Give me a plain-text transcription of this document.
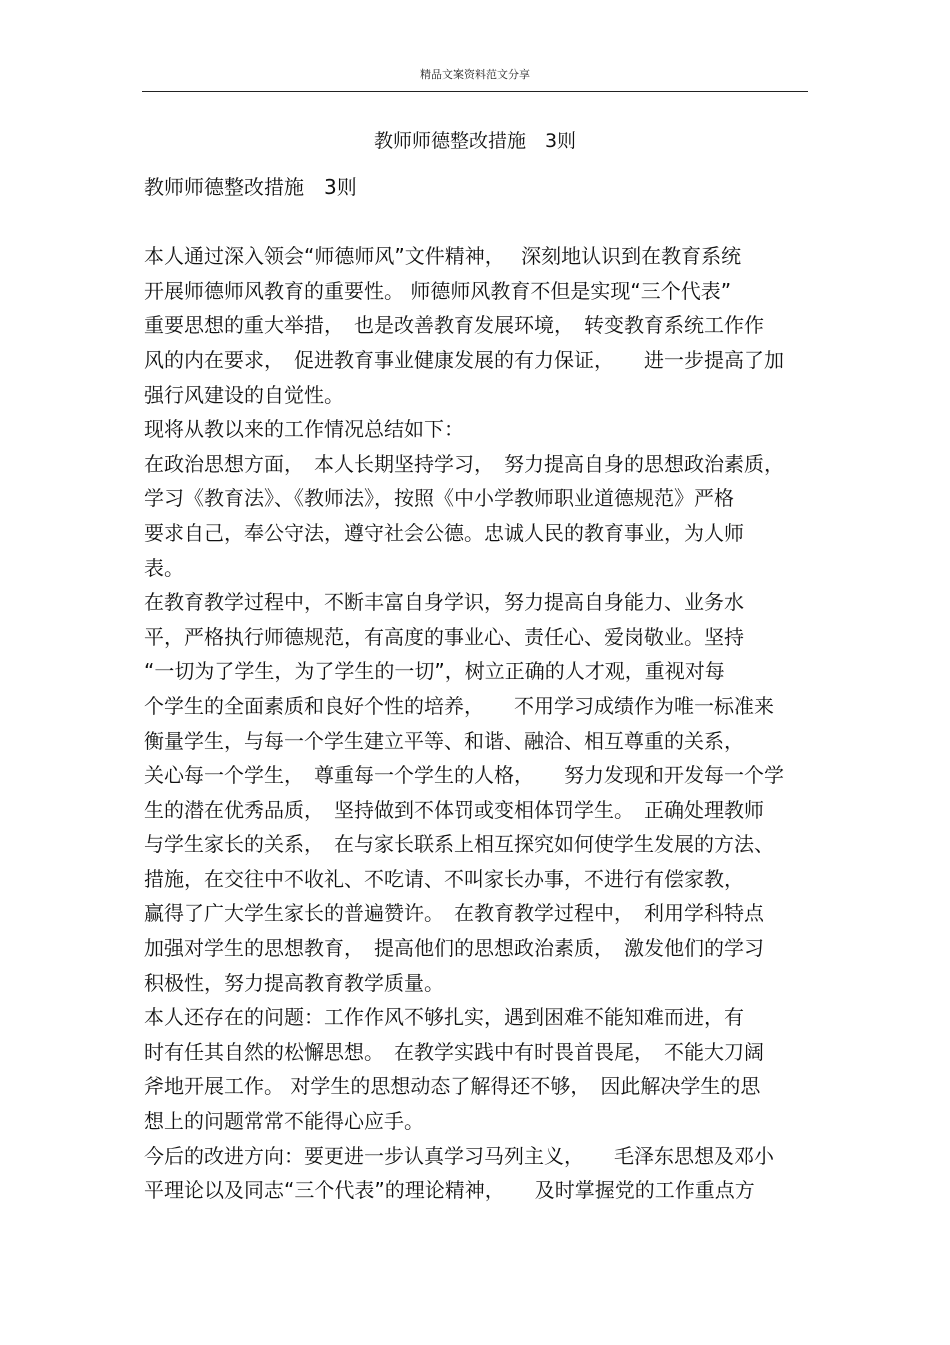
精品文案资料范文分享
教师师德整改措施　3则
教师师德整改措施　3则
本人通过深入领会“师德师风”文件精神，　 深刻地认识到在教育系统
开展师德师风教育的重要性。 师德师风教育不但是实现“三个代表”
重要思想的重大举措，　也是改善教育发展环境，　转变教育系统工作作
风的内在要求，　促进教育事业健康发展的有力保证，　　进一步提高了加
强行风建设的自觉性。
现将从教以来的工作情况总结如下：
在政治思想方面，　本人长期坚持学习，　努力提高自身的思想政治素质，
学习《教育法》、《教师法》，按照《中小学教师职业道德规范》严格
要求自己，奉公守法，遵守社会公德。忠诚人民的教育事业，为人师
表。
在教育教学过程中，不断丰富自身学识，努力提高自身能力、业务水
平，严格执行师德规范，有高度的事业心、责任心、爱岗敬业。坚持
“一切为了学生，为了学生的一切”，树立正确的人才观，重视对每
个学生的全面素质和良好个性的培养，　　不用学习成绩作为唯一标准来
衡量学生，与每一个学生建立平等、和谐、融洽、相互尊重的关系，
关心每一个学生，　尊重每一个学生的人格，　　努力发现和开发每一个学
生的潜在优秀品质，　坚持做到不体罚或变相体罚学生。　正确处理教师
与学生家长的关系，　在与家长联系上相互探究如何使学生发展的方法、
措施，在交往中不收礼、不吃请、不叫家长办事，不进行有偿家教，
赢得了广大学生家长的普遍赞许。　在教育教学过程中，　利用学科特点
加强对学生的思想教育，　提高他们的思想政治素质，　激发他们的学习
积极性，努力提高教育教学质量。
本人还存在的问题：工作作风不够扎实，遇到困难不能知难而进，有
时有任其自然的松懈思想。　在教学实践中有时畏首畏尾，　不能大刀阔
斧地开展工作。 对学生的思想动态了解得还不够，　因此解决学生的思
想上的问题常常不能得心应手。
今后的改进方向：要更进一步认真学习马列主义，　　毛泽东思想及邓小
平理论以及同志“三个代表”的理论精神，　　及时掌握党的工作重点方
